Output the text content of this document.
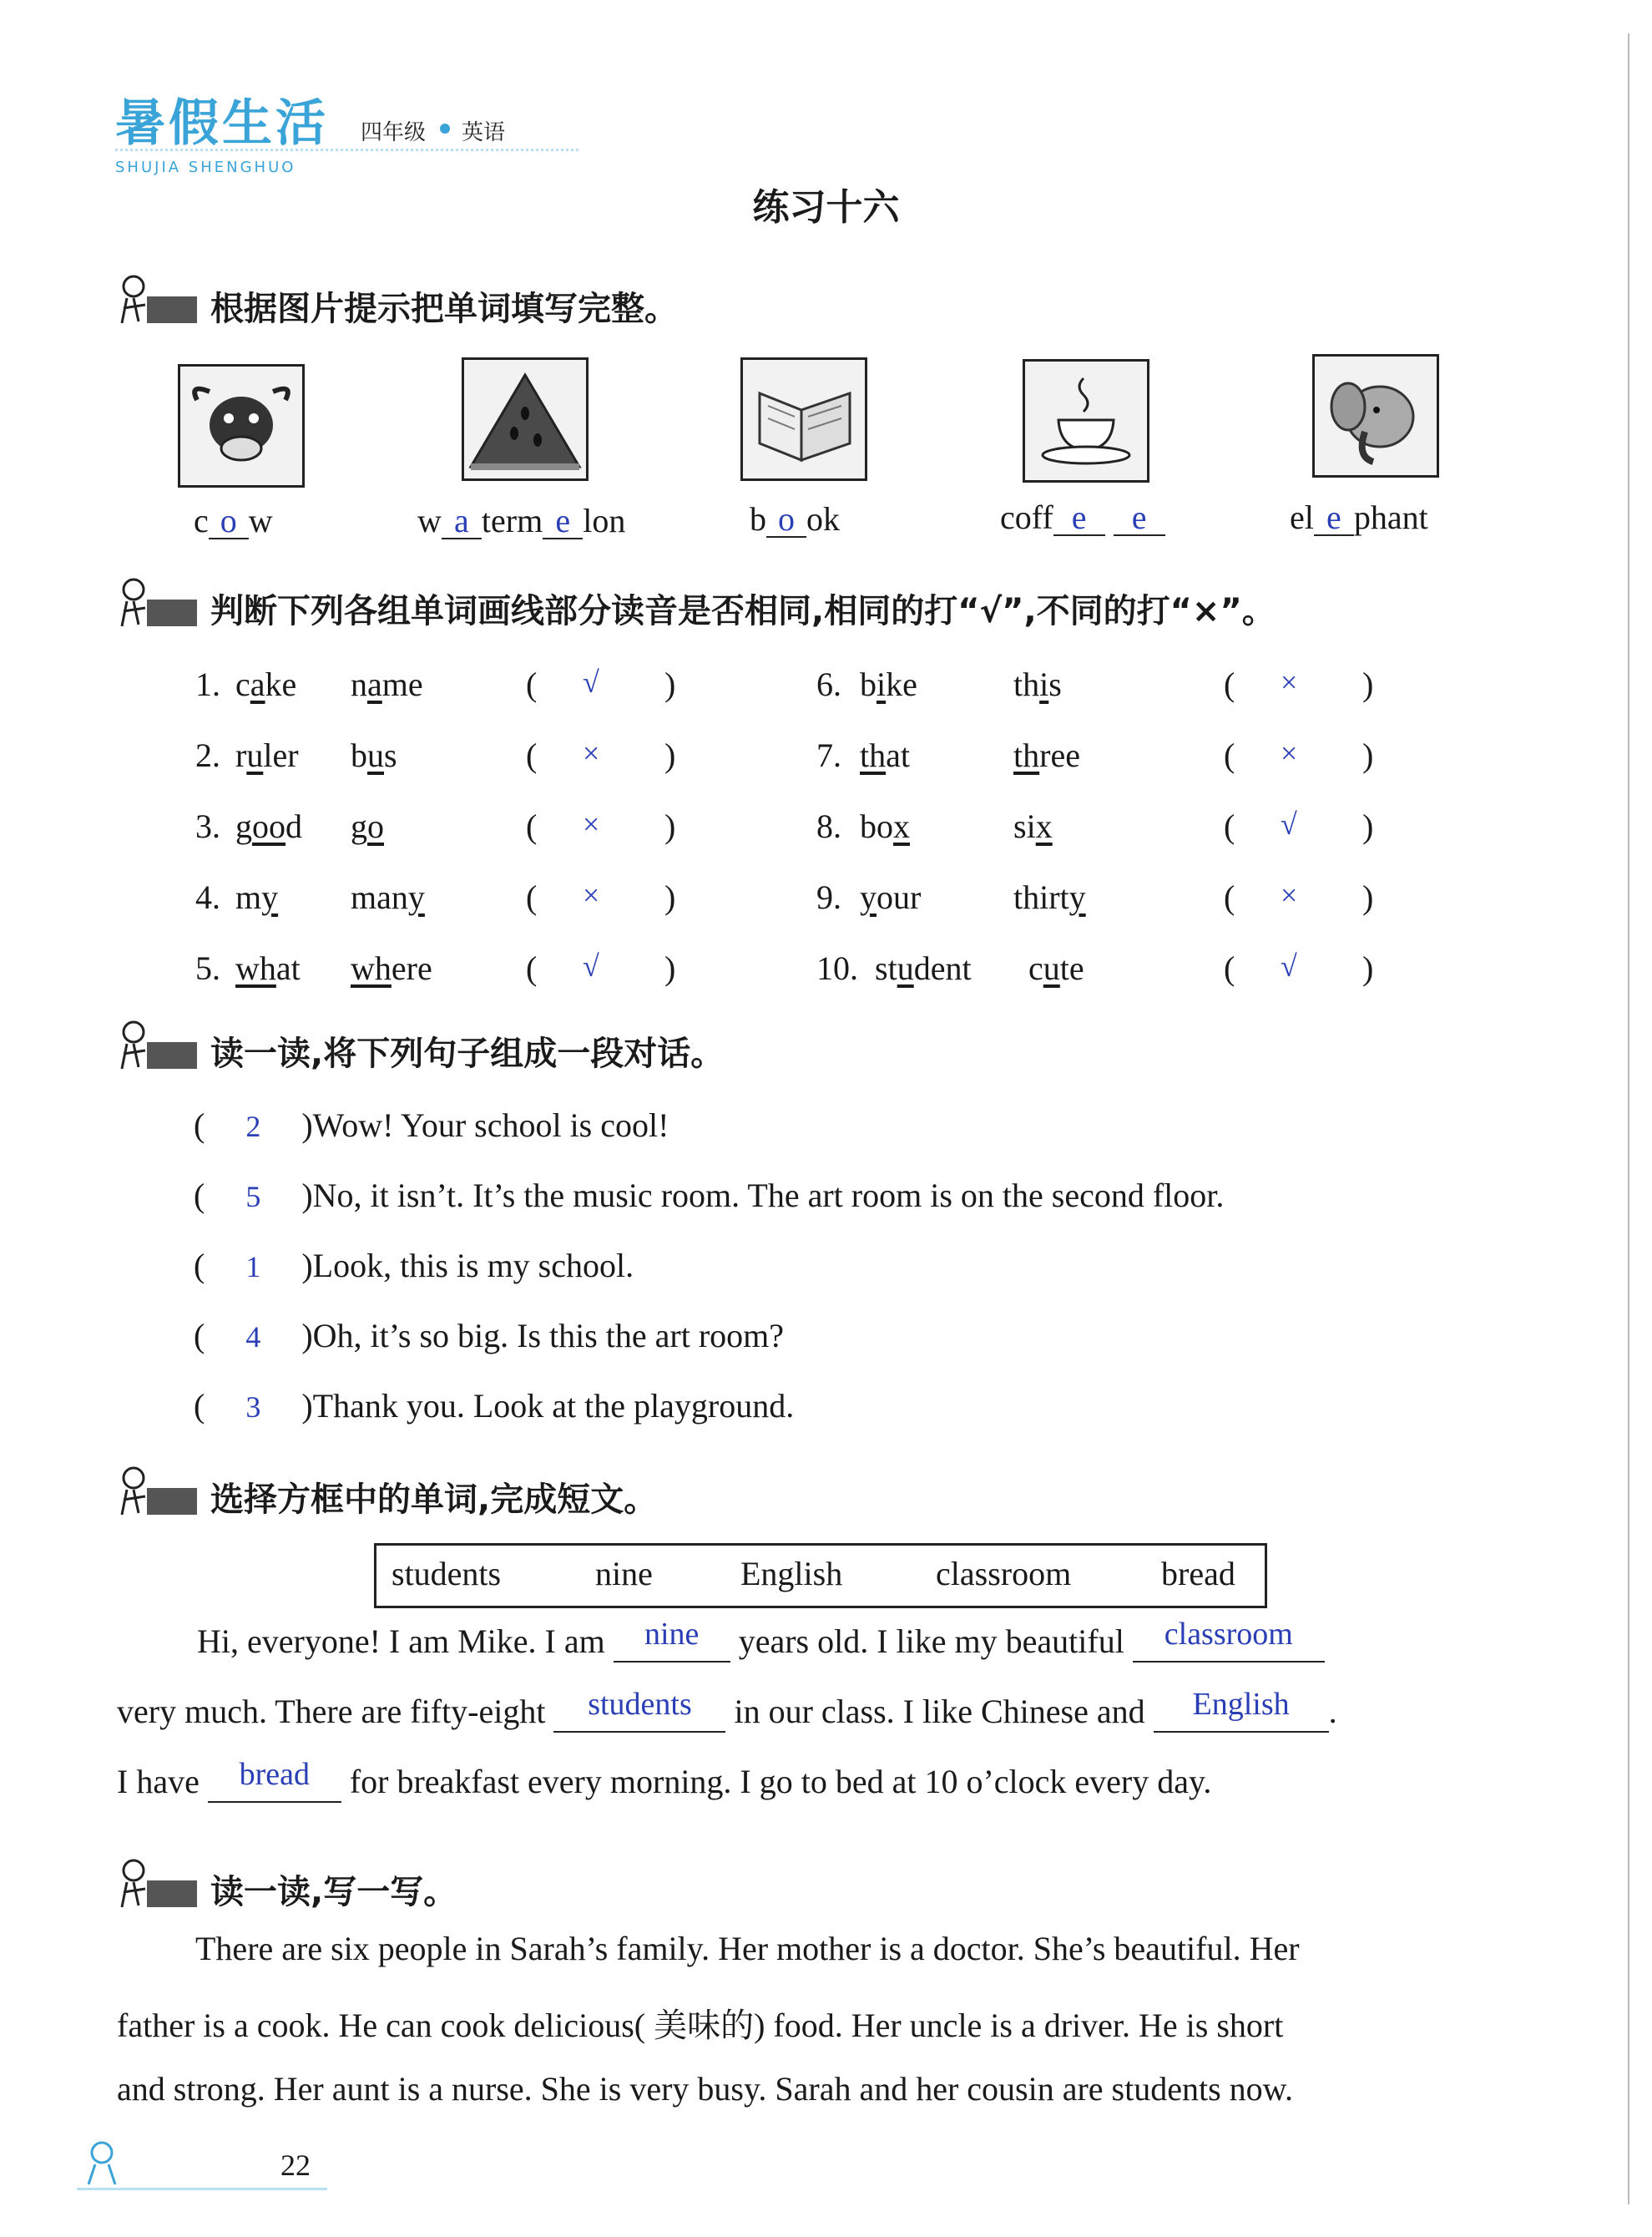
暑假生活
SHUJIA SHENGHUO
四年级 英语
练习十六
根据图片提示把单词填写完整。
c o w	w a term e lon	b o ok	coff e e	el e phant
判断下列各组单词画线部分读音是否相同,相同的打“√”,不同的打“×”。
1. cake name	( √ )
2. ruler bus	( × )
3. good go	( × )
4. my many	( × )
5. what where	( √ )
6. bike	this	( × )
7. that	three	( × )
8. box	six	( √ )
9. your	thirty	( × )
10. student cute	( √ )
读一读,将下列句子组成一段对话。
( 2 )Wow! Your school is cool!
( 5 )No, it isn’t. It’s the music room. The art room is on the second floor.
( 1 )Look, this is my school.
( 4 )Oh, it’s so big. Is this the art room?
( 3 )Thank you. Look at the playground.
选择方框中的单词,完成短文。
students	nine	English	classroom	bread
Hi, everyone! I am Mike. I am nine years old. I like my beautiful classroom
very much. There are fifty-eight students in our class. I like Chinese and English .
I have bread for breakfast every morning. I go to bed at 10 o’clock every day.
读一读,写一写。
There are six people in Sarah’s family. Her mother is a doctor. She’s beautiful. Her
father is a cook. He can cook delicious( 美味的) food. Her uncle is a driver. He is short
and strong. Her aunt is a nurse. She is very busy. Sarah and her cousin are students now.
22
